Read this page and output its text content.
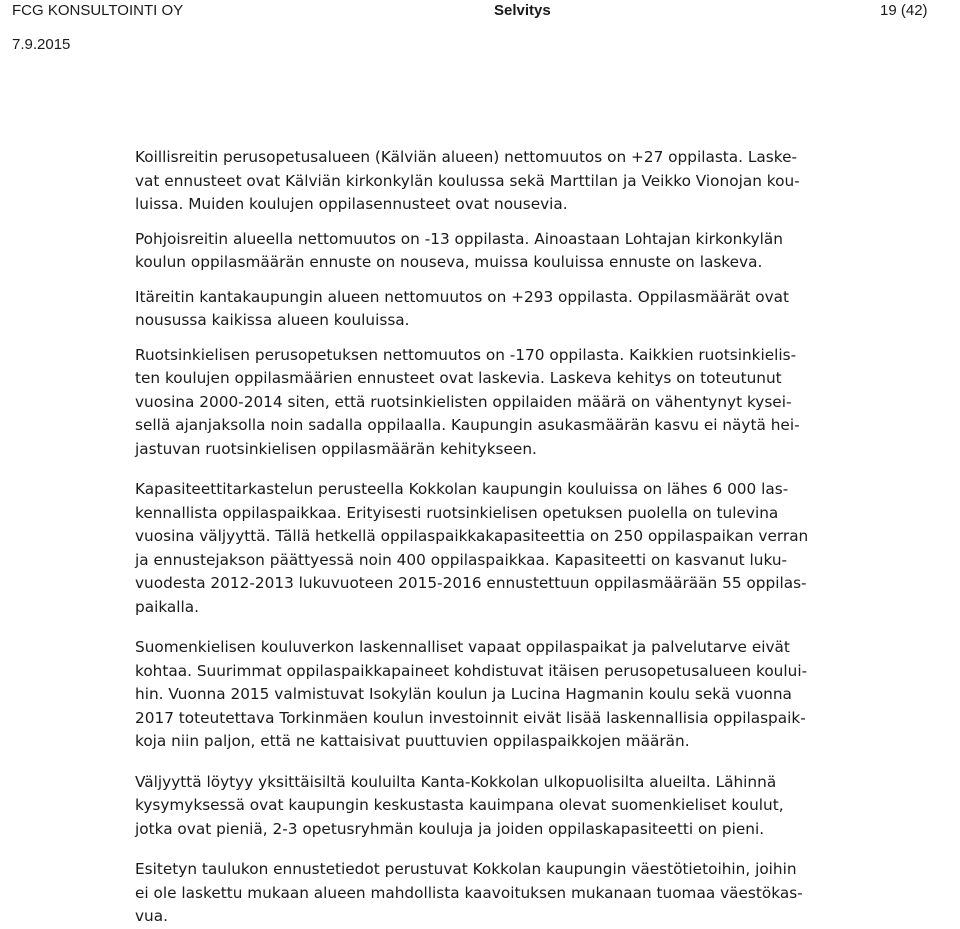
FCG KONSULTOINTI OY	Selvitys	19 (42)
7.9.2015

Koillisreitin perusopetusalueen (Kälviän alueen) nettomuutos on +27 oppilasta. Laske-
vat ennusteet ovat Kälviän kirkonkylän koulussa sekä Marttilan ja Veikko Vionojan kou-
luissa. Muiden koulujen oppilasennusteet ovat nousevia.

Pohjoisreitin alueella nettomuutos on -13 oppilasta. Ainoastaan Lohtajan kirkonkylän
koulun oppilasmäärän ennuste on nouseva, muissa kouluissa ennuste on laskeva.

Itäreitin kantakaupungin alueen nettomuutos on +293 oppilasta. Oppilasmäärät ovat
nousussa kaikissa alueen kouluissa.

Ruotsinkielisen perusopetuksen nettomuutos on -170 oppilasta. Kaikkien ruotsinkielis-
ten koulujen oppilasmäärien ennusteet ovat laskevia. Laskeva kehitys on toteutunut
vuosina 2000-2014 siten, että ruotsinkielisten oppilaiden määrä on vähentynyt kysei-
sellä ajanjaksolla noin sadalla oppilaalla. Kaupungin asukasmäärän kasvu ei näytä hei-
jastuvan ruotsinkielisen oppilasmäärän kehitykseen.

Kapasiteettitarkastelun perusteella Kokkolan kaupungin kouluissa on lähes 6 000 las-
kennallista oppilaspaikkaa. Erityisesti ruotsinkielisen opetuksen puolella on tulevina
vuosina väljyyttä. Tällä hetkellä oppilaspaikkakapasiteettia on 250 oppilaspaikan verran
ja ennustejakson päättyessä noin 400 oppilaspaikkaa. Kapasiteetti on kasvanut luku-
vuodesta 2012-2013 lukuvuoteen 2015-2016 ennustettuun oppilasmäärään 55 oppilas-
paikalla.

Suomenkielisen kouluverkon laskennalliset vapaat oppilaspaikat ja palvelutarve eivät
kohtaa. Suurimmat oppilaspaikkapaineet kohdistuvat itäisen perusopetusalueen koului-
hin. Vuonna 2015 valmistuvat Isokylän koulun ja Lucina Hagmanin koulu sekä vuonna
2017 toteutettava Torkinmäen koulun investoinnit eivät lisää laskennallisia oppilaspaik-
koja niin paljon, että ne kattaisivat puuttuvien oppilaspaikkojen määrän.

Väljyyttä löytyy yksittäisiltä kouluilta Kanta-Kokkolan ulkopuolisilta alueilta. Lähinnä
kysymyksessä ovat kaupungin keskustasta kauimpana olevat suomenkieliset koulut,
jotka ovat pieniä, 2-3 opetusryhmän kouluja ja joiden oppilaskapasiteetti on pieni.

Esitetyn taulukon ennustetiedot perustuvat Kokkolan kaupungin väestötietoihin, joihin
ei ole laskettu mukaan alueen mahdollista kaavoituksen mukanaan tuomaa väestökas-
vua.
